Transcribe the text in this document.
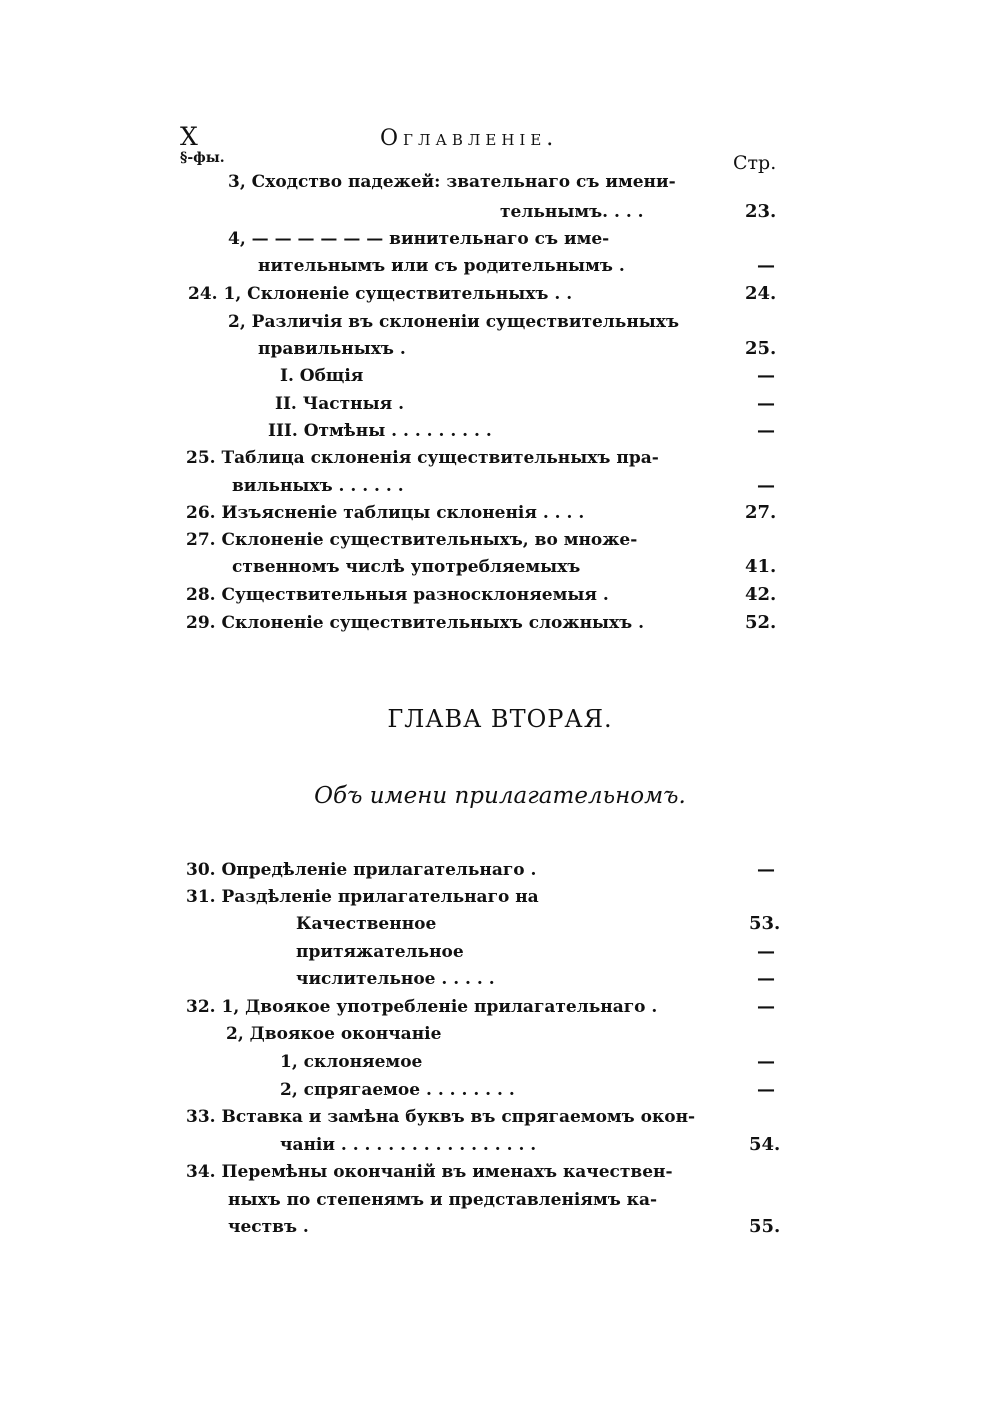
X	Оглавленіе.
§-фы.	Стр.
3, Сходство падежей: звательнаго съ имени-
тельнымъ. . . .	23.
4, — — — — — — винительнаго съ име-
нительнымъ или съ родительнымъ .	—
24. 1, Склоненіе существительныхъ . .	24.
2, Различія въ склоненіи существительныхъ
правильныхъ .	25.
I. Общія	—
II. Частныя .	—
III. Отмѣны . . . . . . . . .	—
25. Таблица склоненія существительныхъ пра-
вильныхъ . . . . . .	—
26. Изъясненіе таблицы склоненія . . . .	27.
27. Склоненіе существительныхъ, во множе-
ственномъ числѣ употребляемыхъ	41.
28. Существительныя разносклоняемыя .	42.
29. Склоненіе существительныхъ сложныхъ .	52.
ГЛАВА ВТОРАЯ.
Объ имени прилагательномъ.
30. Опредѣленіе прилагательнаго .	—
31. Раздѣленіе прилагательнаго на
Качественное	53.
притяжательное	—
числительное . . . . .	—
32. 1, Двоякое употребленіе прилагательнаго .	—
2, Двоякое окончаніе
1, склоняемое	—
2, спрягаемое . . . . . . . .	—
33. Вставка и замѣна буквъ въ спрягаемомъ окон-
чаніи . . . . . . . . . . . . . . . . .	54.
34. Перемѣны окончаній въ именахъ качествен-
ныхъ по степенямъ и представленіямъ ка-
чествъ .	55.
